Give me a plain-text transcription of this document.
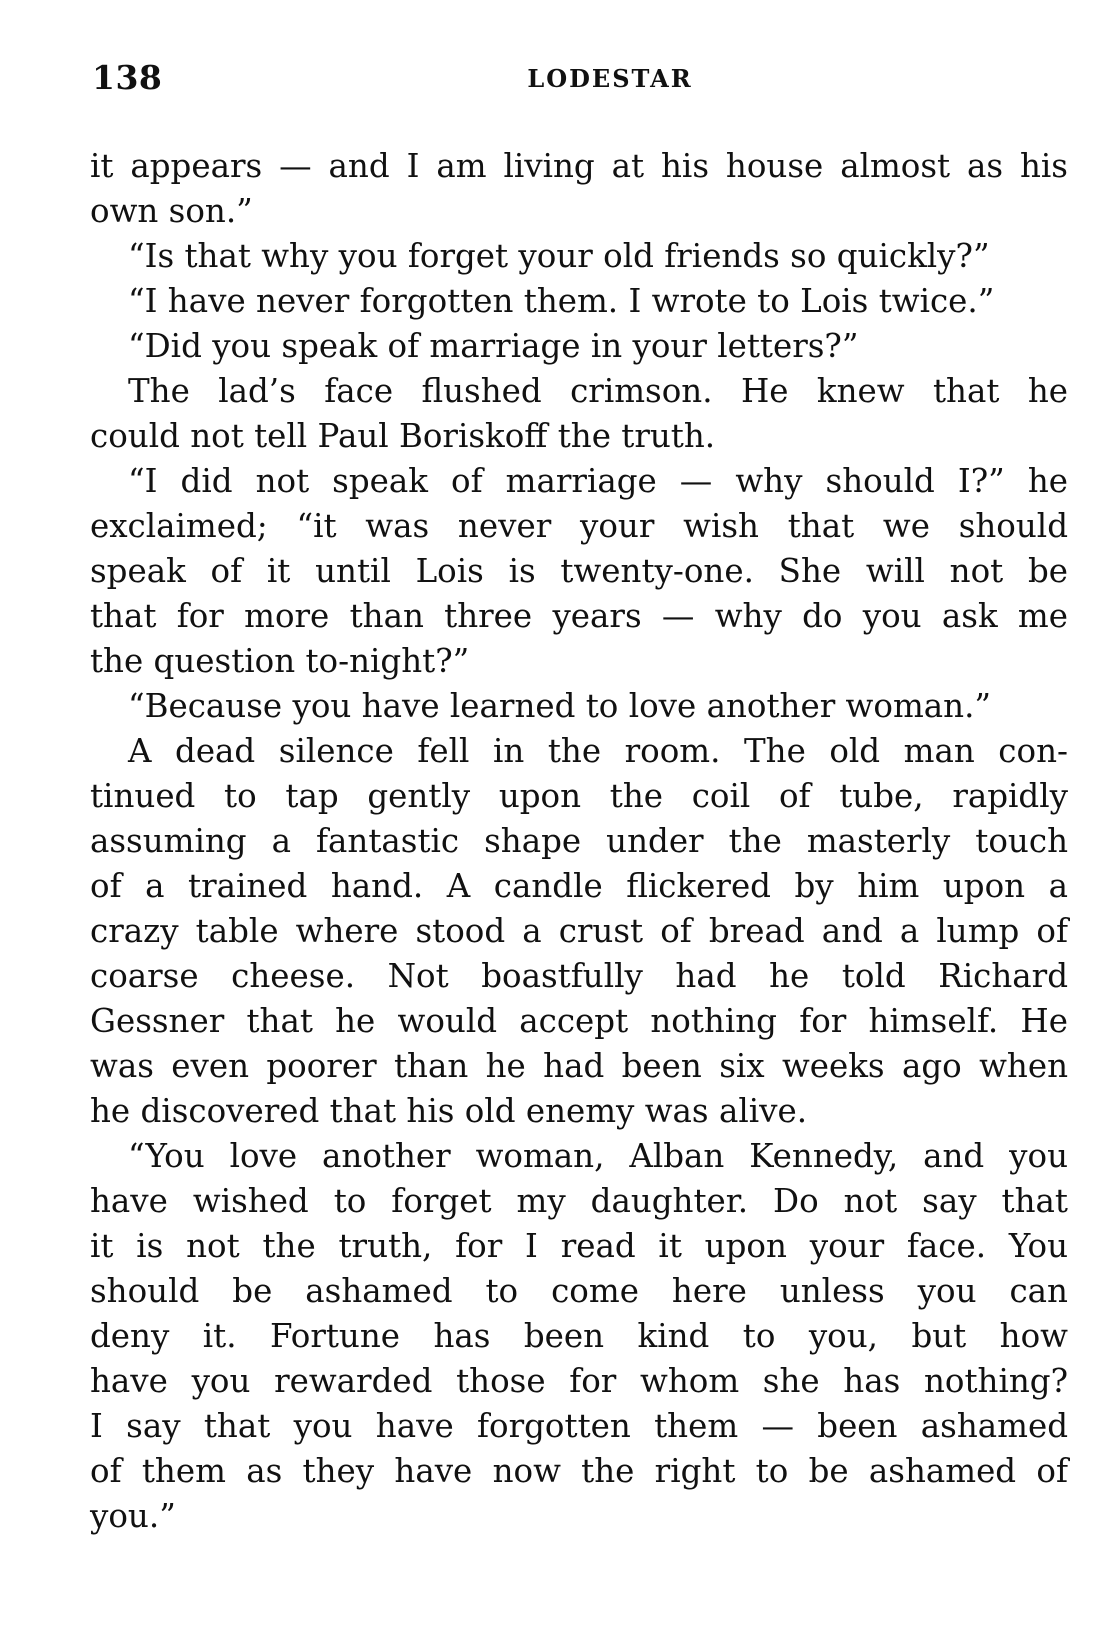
138	LODESTAR
it appears — and I am living at his house almost as his
own son.”
“Is that why you forget your old friends so quickly?”
“I have never forgotten them. I wrote to Lois twice.”
“Did you speak of marriage in your letters?”
The lad’s face flushed crimson. He knew that he
could not tell Paul Boriskoff the truth.
“I did not speak of marriage — why should I?” he
exclaimed; “it was never your wish that we should
speak of it until Lois is twenty-one. She will not be
that for more than three years — why do you ask me
the question to-night?”
“Because you have learned to love another woman.”
A dead silence fell in the room. The old man con-
tinued to tap gently upon the coil of tube, rapidly
assuming a fantastic shape under the masterly touch
of a trained hand. A candle flickered by him upon a
crazy table where stood a crust of bread and a lump of
coarse cheese. Not boastfully had he told Richard
Gessner that he would accept nothing for himself. He
was even poorer than he had been six weeks ago when
he discovered that his old enemy was alive.
“You love another woman, Alban Kennedy, and you
have wished to forget my daughter. Do not say that
it is not the truth, for I read it upon your face. You
should be ashamed to come here unless you can
deny it. Fortune has been kind to you, but how
have you rewarded those for whom she has nothing?
I say that you have forgotten them — been ashamed
of them as they have now the right to be ashamed of
you.”
